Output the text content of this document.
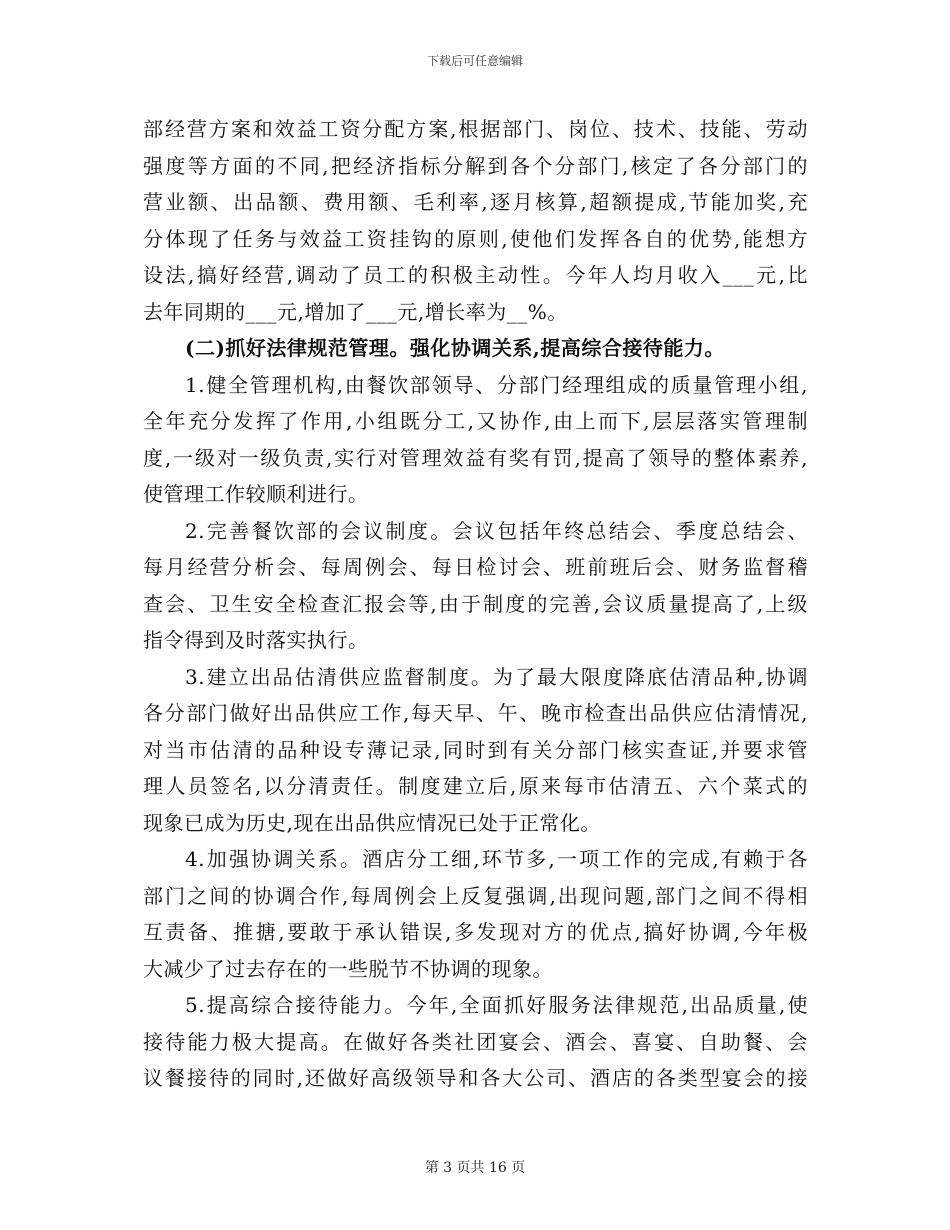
下载后可任意编辑
部经营方案和效益工资分配方案,根据部门、岗位、技术、技能、劳动
强度等方面的不同,把经济指标分解到各个分部门,核定了各分部门的
营业额、出品额、费用额、毛利率,逐月核算,超额提成,节能加奖,充
分体现了任务与效益工资挂钩的原则,使他们发挥各自的优势,能想方
设法,搞好经营,调动了员工的积极主动性。今年人均月收入___元,比
去年同期的___元,增加了___元,增长率为__%。
(二)抓好法律规范管理。强化协调关系,提高综合接待能力。
1.健全管理机构,由餐饮部领导、分部门经理组成的质量管理小组,
全年充分发挥了作用,小组既分工,又协作,由上而下,层层落实管理制
度,一级对一级负责,实行对管理效益有奖有罚,提高了领导的整体素养,
使管理工作较顺利进行。
2.完善餐饮部的会议制度。会议包括年终总结会、季度总结会、
每月经营分析会、每周例会、每日检讨会、班前班后会、财务监督稽
查会、卫生安全检查汇报会等,由于制度的完善,会议质量提高了,上级
指令得到及时落实执行。
3.建立出品估清供应监督制度。为了最大限度降底估清品种,协调
各分部门做好出品供应工作,每天早、午、晚市检查出品供应估清情况,
对当市估清的品种设专薄记录,同时到有关分部门核实查证,并要求管
理人员签名,以分清责任。制度建立后,原来每市估清五、六个菜式的
现象已成为历史,现在出品供应情况已处于正常化。
4.加强协调关系。酒店分工细,环节多,一项工作的完成,有赖于各
部门之间的协调合作,每周例会上反复强调,出现问题,部门之间不得相
互责备、推搪,要敢于承认错误,多发现对方的优点,搞好协调,今年极
大减少了过去存在的一些脱节不协调的现象。
5.提高综合接待能力。今年,全面抓好服务法律规范,出品质量,使
接待能力极大提高。在做好各类社团宴会、酒会、喜宴、自助餐、会
议餐接待的同时,还做好高级领导和各大公司、酒店的各类型宴会的接
第 3 页共 16 页
